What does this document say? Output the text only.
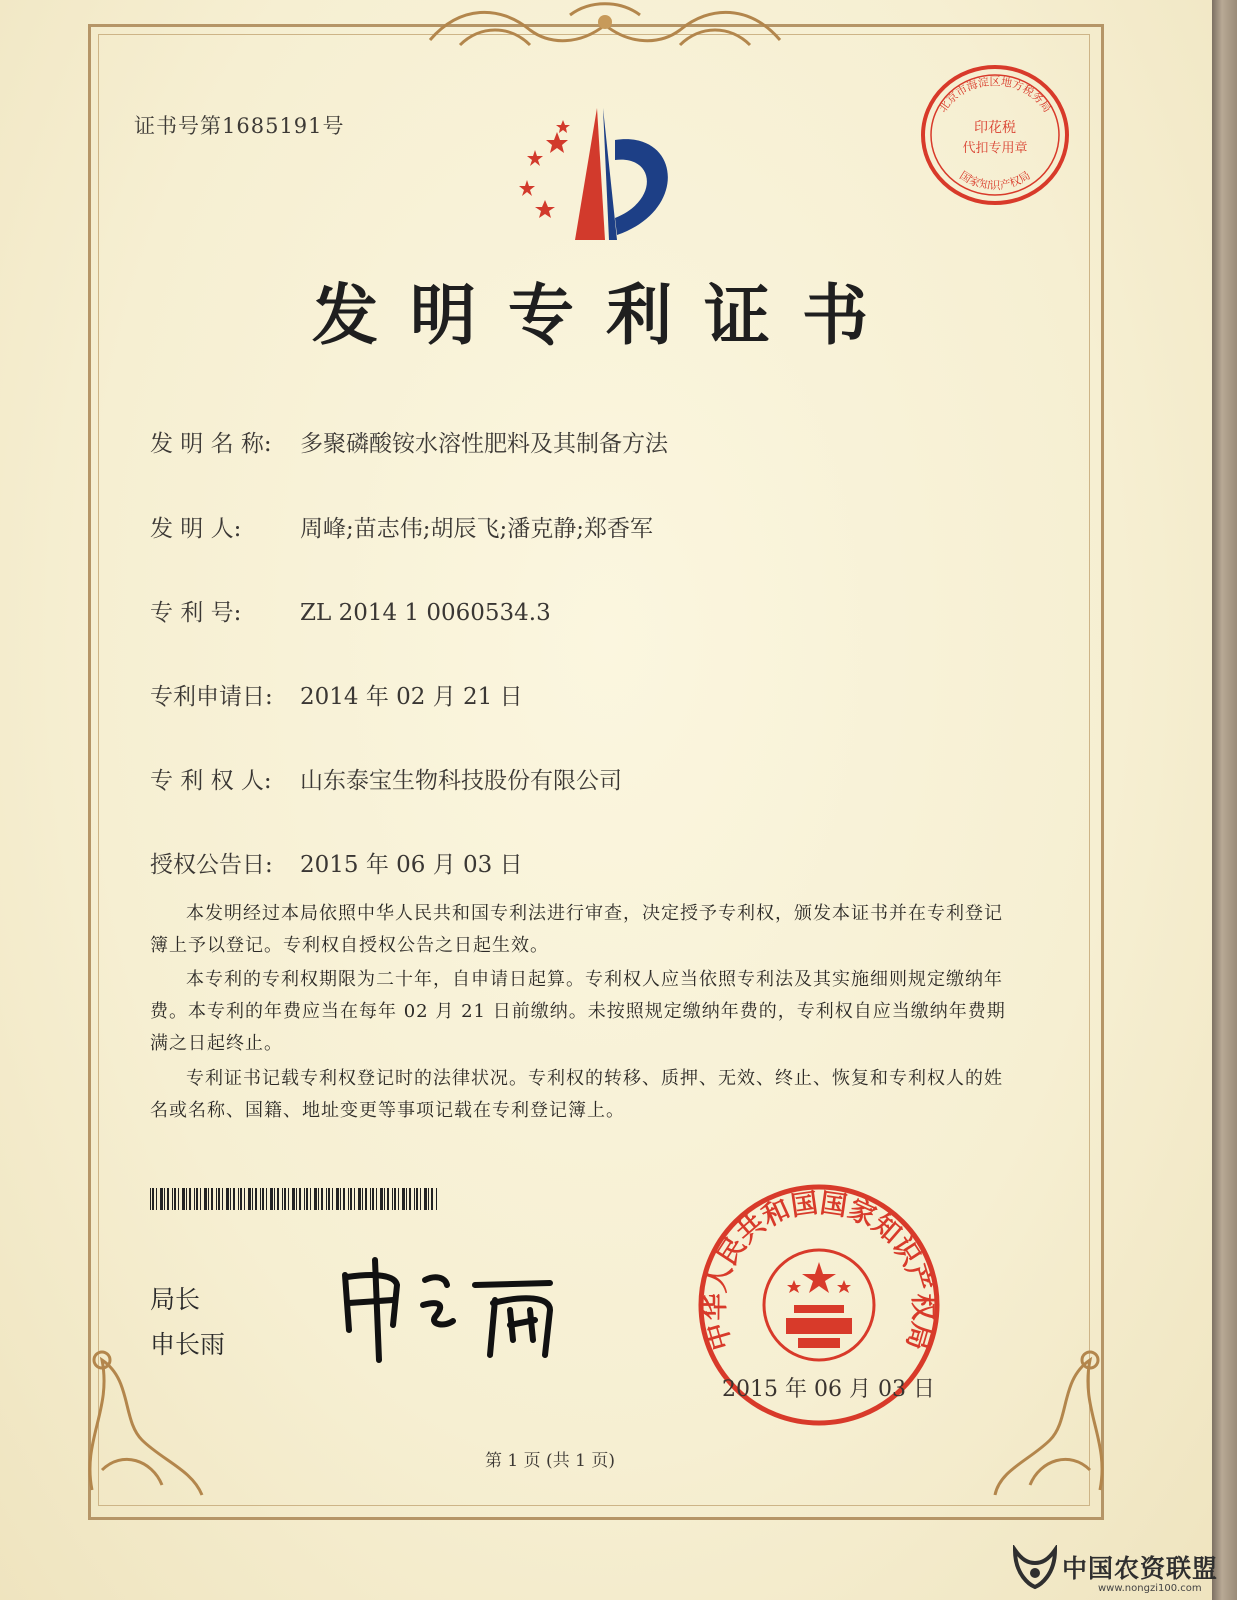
证书号第1685191号	印花税
代扣专用章
北京市海淀区地方税务局
国家知识产权局
发明专利证书
发 明 名 称: 多聚磷酸铵水溶性肥料及其制备方法
发 明 人:	周峰;苗志伟;胡辰飞;潘克静;郑香军
专 利 号:	ZL 2014 1 0060534.3
专利申请日: 2014 年 02 月 21 日
专 利 权 人: 山东泰宝生物科技股份有限公司
授权公告日: 2015 年 06 月 03 日

本发明经过本局依照中华人民共和国专利法进行审查，决定授予专利权，颁发本证书并在专利登记簿上予以登记。专利权自授权公告之日起生效。

本专利的专利权期限为二十年，自申请日起算。专利权人应当依照专利法及其实施细则规定缴纳年费。本专利的年费应当在每年 02 月 21 日前缴纳。未按照规定缴纳年费的，专利权自应当缴纳年费期满之日起终止。

专利证书记载专利权登记时的法律状况。专利权的转移、质押、无效、终止、恢复和专利权人的姓名或名称、国籍、地址变更等事项记载在专利登记簿上。

局长
申长雨	中华人民共和国国家知识产权局
2015 年 06 月 03 日
第 1 页 (共 1 页)
中国农资联盟
www.nongzi100.com
